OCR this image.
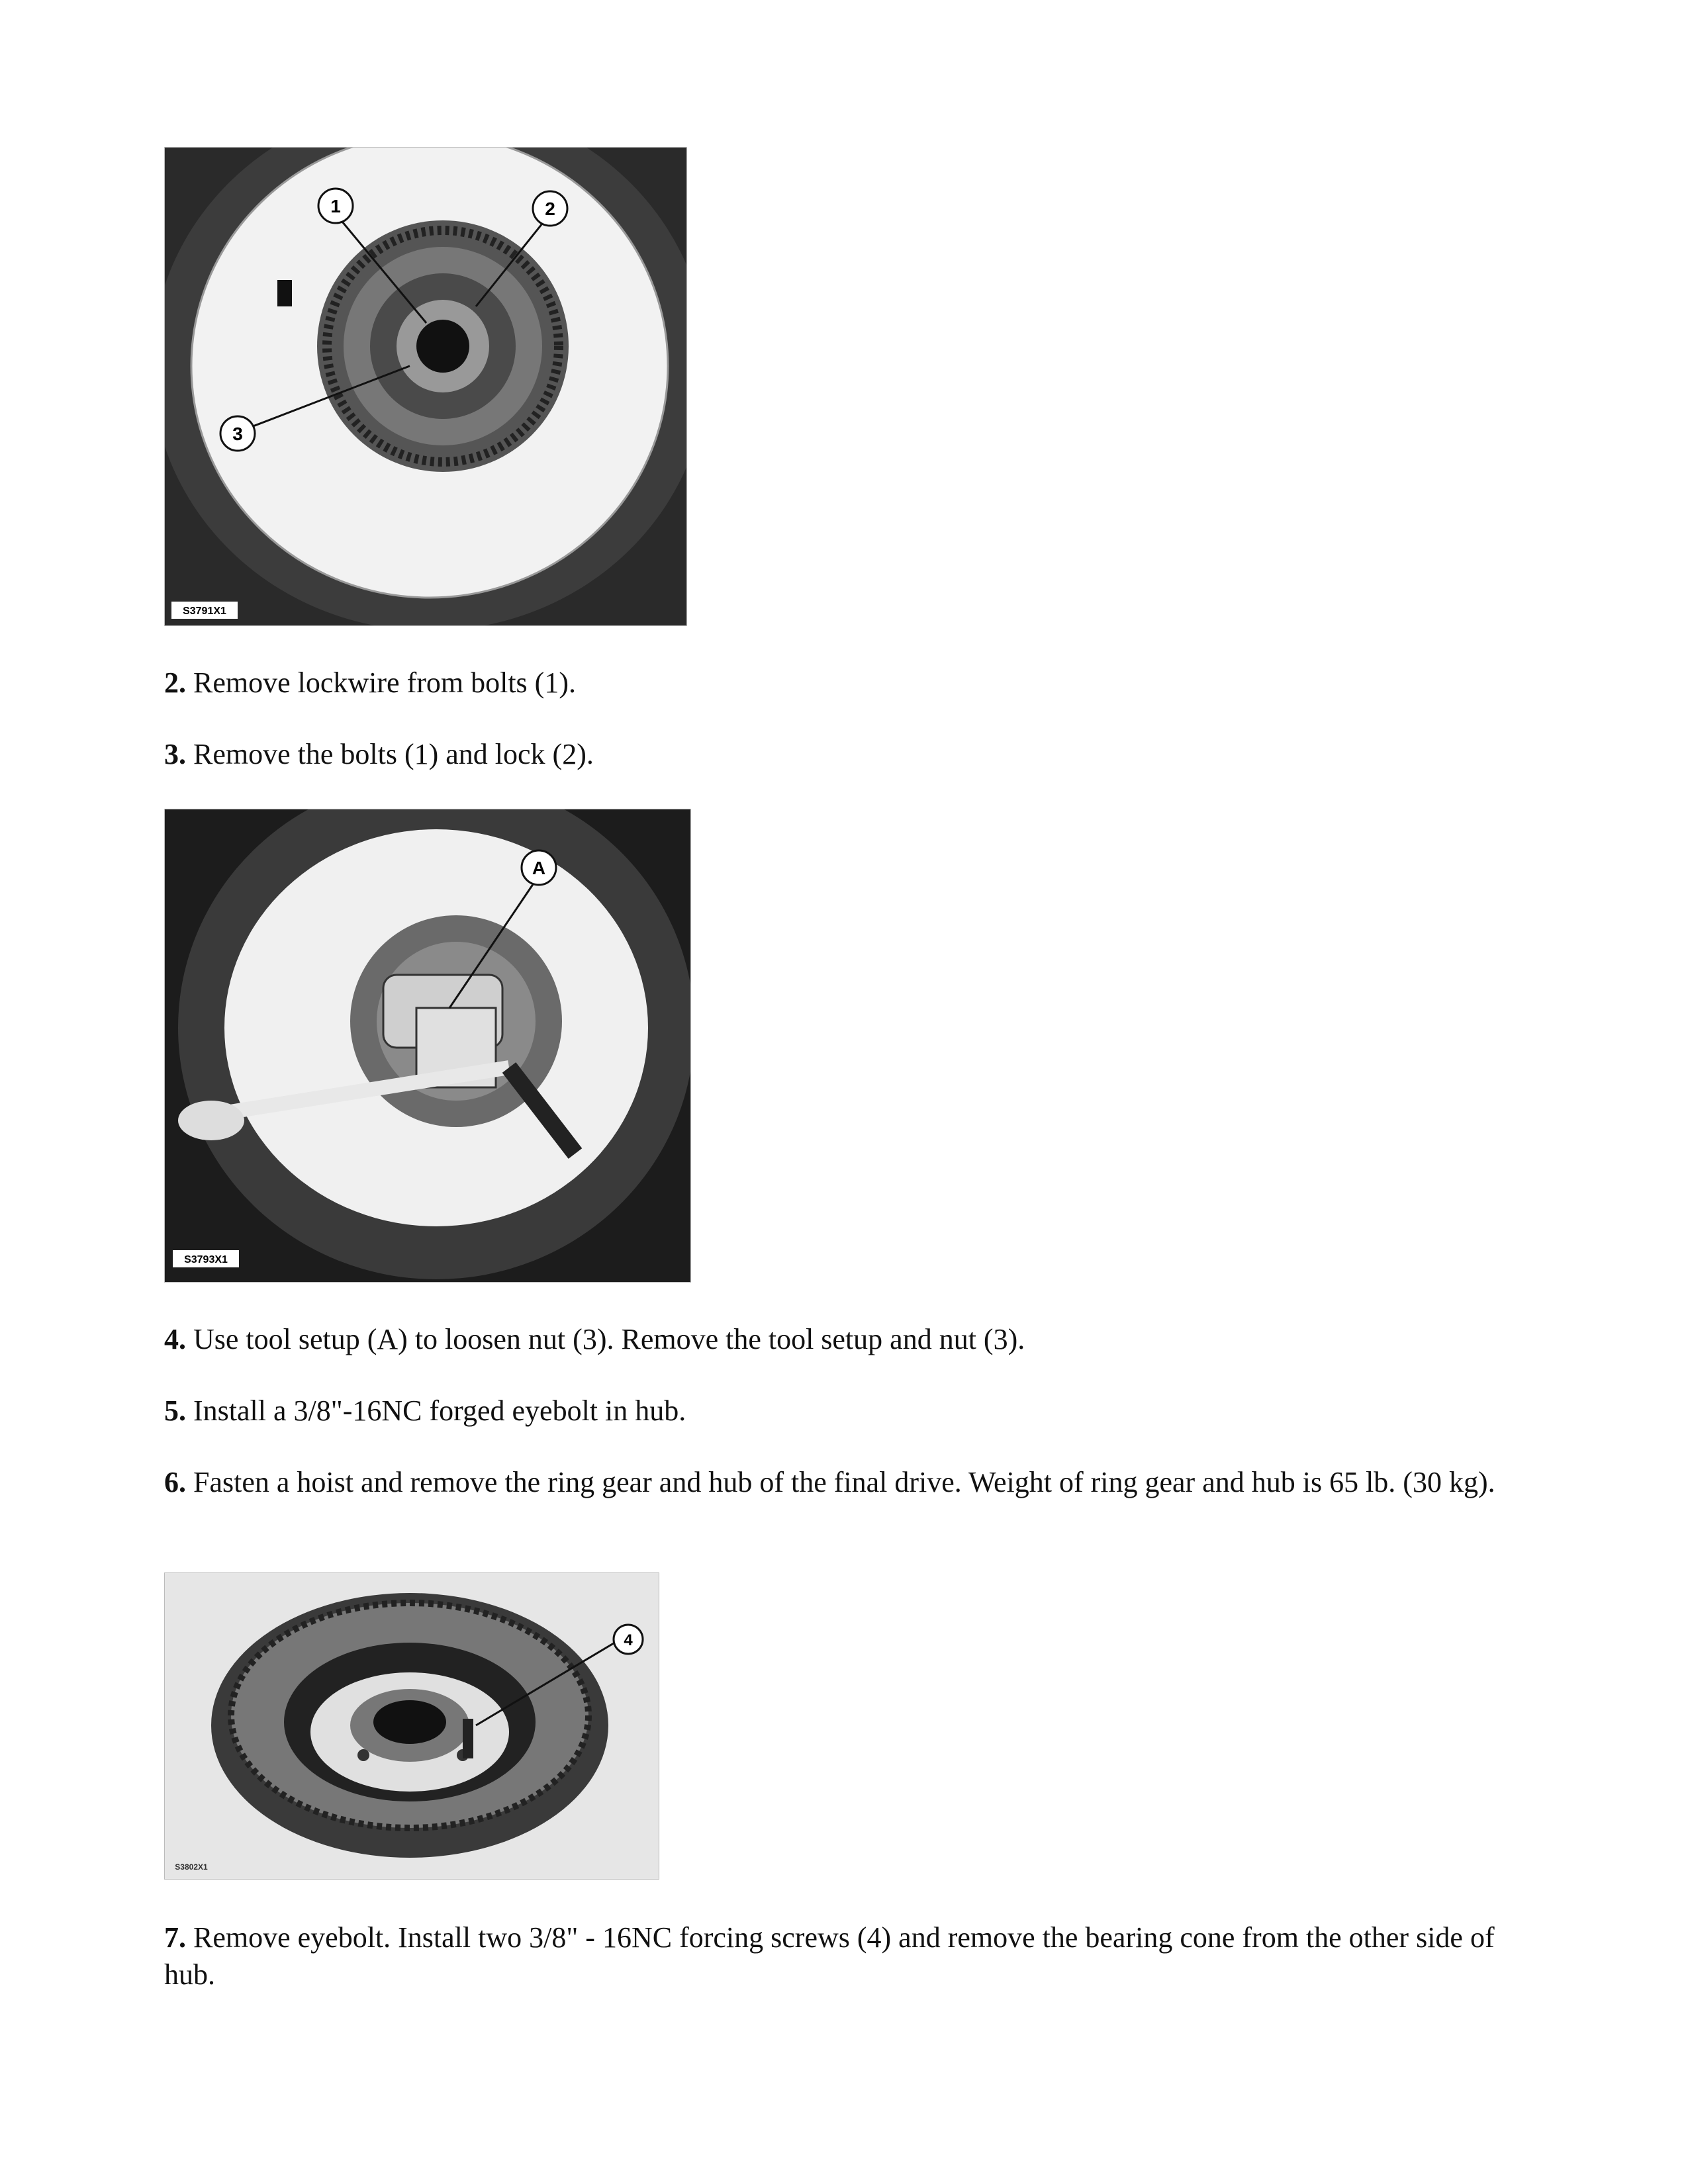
1	2
3
S3791X1

2. Remove lockwire from bolts (1).

3. Remove the bolts (1) and lock (2).

A
S3793X1

4. Use tool setup (A) to loosen nut (3). Remove the tool setup and nut (3).

5. Install a 3/8"-16NC forged eyebolt in hub.

6. Fasten a hoist and remove the ring gear and hub of the final drive. Weight of ring gear and hub is 65 lb. (30 kg).

4
S3802X1

7. Remove eyebolt. Install two 3/8" - 16NC forcing screws (4) and remove the bearing cone from the other side of hub.
